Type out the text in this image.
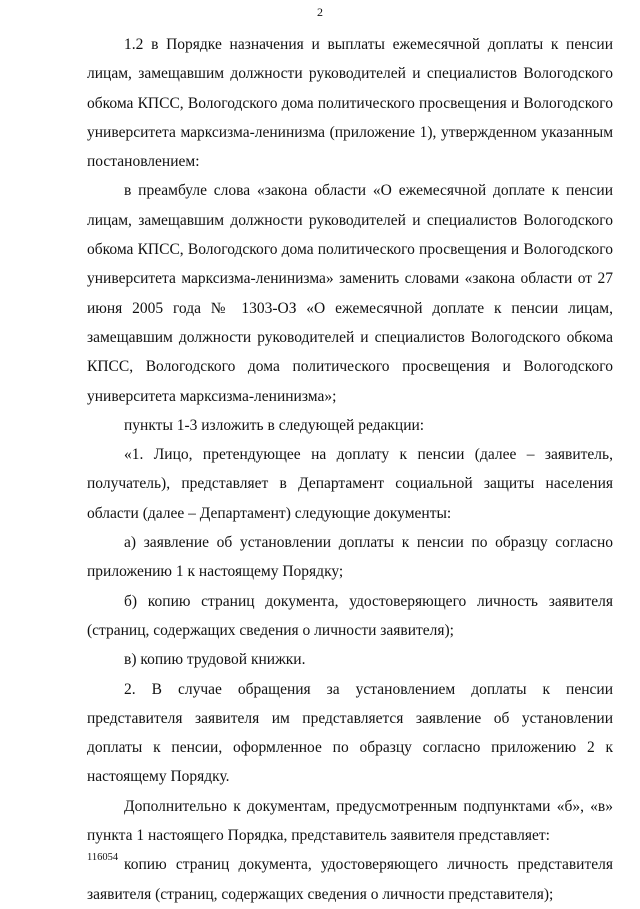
2

1.2 в Порядке назначения и выплаты ежемесячной доплаты к пенсии лицам, замещавшим должности руководителей и специалистов Вологодского обкома КПСС, Вологодского дома политического просвещения и Вологодского университета марксизма-ленинизма (приложение 1), утвержденном указанным постановлением:

в преамбуле слова «закона области «О ежемесячной доплате к пенсии лицам, замещавшим должности руководителей и специалистов Вологодского обкома КПСС, Вологодского дома политического просвещения и Вологодского университета марксизма-ленинизма» заменить словами «закона области от 27 июня 2005 года № 1303-ОЗ «О ежемесячной доплате к пенсии лицам, замещавшим должности руководителей и специалистов Вологодского обкома КПСС, Вологодского дома политического просвещения и Вологодского университета марксизма-ленинизма»;

пункты 1-3 изложить в следующей редакции:

«1. Лицо, претендующее на доплату к пенсии (далее – заявитель, получатель), представляет в Департамент социальной защиты населения области (далее – Департамент) следующие документы:

а) заявление об установлении доплаты к пенсии по образцу согласно приложению 1 к настоящему Порядку;

б) копию страниц документа, удостоверяющего личность заявителя (страниц, содержащих сведения о личности заявителя);

в) копию трудовой книжки.

2. В случае обращения за установлением доплаты к пенсии представителя заявителя им представляется заявление об установлении доплаты к пенсии, оформленное по образцу согласно приложению 2 к настоящему Порядку.

Дополнительно к документам, предусмотренным подпунктами «б», «в» пункта 1 настоящего Порядка, представитель заявителя представляет:

копию страниц документа, удостоверяющего личность представителя заявителя (страниц, содержащих сведения о личности представителя);

116054
